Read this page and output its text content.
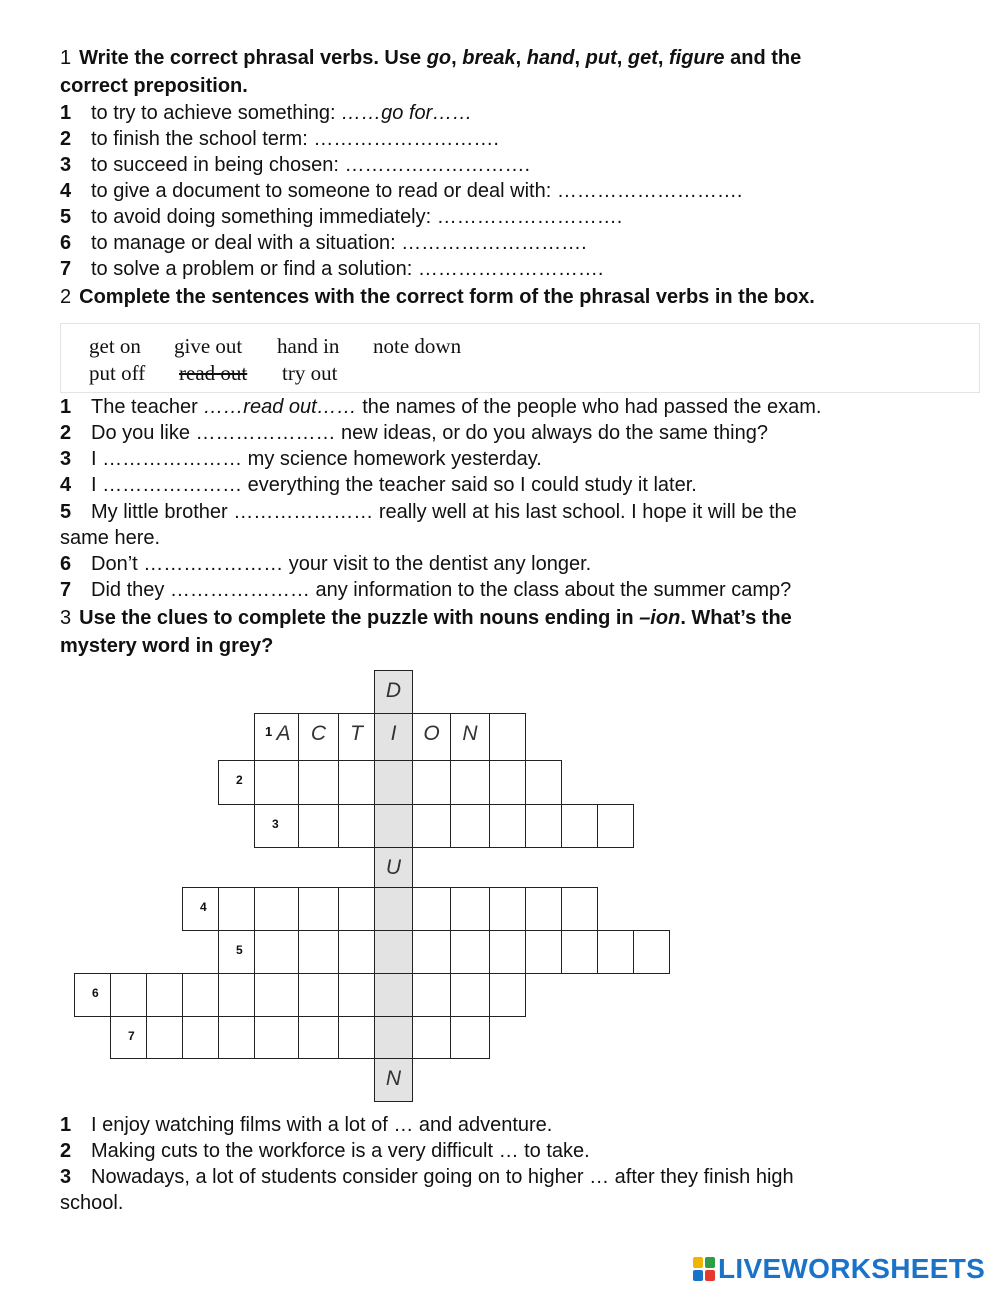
1 Write the correct phrasal verbs. Use go, break, hand, put, get, figure and the
correct preposition.
1 to try to achieve something: ……go for……
2 to finish the school term: ……………………….
3 to succeed in being chosen: ……………………….
4 to give a document to someone to read or deal with: ……………………….
5 to avoid doing something immediately: ……………………….
6 to manage or deal with a situation: ……………………….
7 to solve a problem or find a solution: ……………………….
2 Complete the sentences with the correct form of the phrasal verbs in the box.
get on give out hand in note down
put off read out try out
1 The teacher ……read out…… the names of the people who had passed the exam.
2 Do you like ………………… new ideas, or do you always do the same thing?
3 I ………………… my science homework yesterday.
4 I ………………… everything the teacher said so I could study it later.
5 My little brother ………………… really well at his last school. I hope it will be the
same here.
6 Don’t ………………… your visit to the dentist any longer.
7 Did they ………………… any information to the class about the summer camp?
3 Use the clues to complete the puzzle with nouns ending in –ion. What’s the
mystery word in grey?
D
1 A C	T	I	O	N
2
3
U
4
5
6
7
N
1 I enjoy watching films with a lot of … and adventure.
2 Making cuts to the workforce is a very difficult … to take.
3 Nowadays, a lot of students consider going on to higher … after they finish high
school.
LIVEWORKSHEETS
